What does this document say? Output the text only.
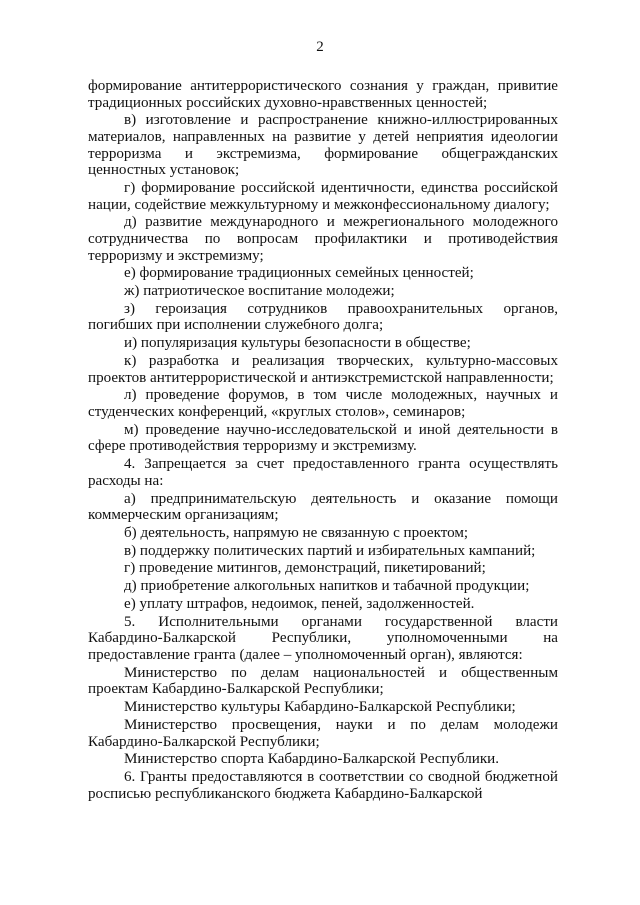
2

формирование антитеррористического сознания у граждан, привитие традиционных российских духовно-нравственных ценностей;

в) изготовление и распространение книжно-иллюстрированных материалов, направленных на развитие у детей неприятия идеологии терроризма и экстремизма, формирование общегражданских ценностных установок;

г) формирование российской идентичности, единства российской нации, содействие межкультурному и межконфессиональному диалогу;

д) развитие международного и межрегионального молодежного сотрудничества по вопросам профилактики и противодействия терроризму и экстремизму;

е) формирование традиционных семейных ценностей;

ж) патриотическое воспитание молодежи;

з) героизация сотрудников правоохранительных органов, погибших при исполнении служебного долга;

и) популяризация культуры безопасности в обществе;

к) разработка и реализация творческих, культурно-массовых проектов антитеррористической и антиэкстремистской направленности;

л) проведение форумов, в том числе молодежных, научных и студенческих конференций, «круглых столов», семинаров;

м) проведение научно-исследовательской и иной деятельности в сфере противодействия терроризму и экстремизму.

4. Запрещается за счет предоставленного гранта осуществлять расходы на:

а) предпринимательскую деятельность и оказание помощи коммерческим организациям;

б) деятельность, напрямую не связанную с проектом;

в) поддержку политических партий и избирательных кампаний;

г) проведение митингов, демонстраций, пикетирований;

д) приобретение алкогольных напитков и табачной продукции;

е) уплату штрафов, недоимок, пеней, задолженностей.

5. Исполнительными органами государственной власти Кабардино-Балкарской Республики, уполномоченными на предоставление гранта (далее – уполномоченный орган), являются:

Министерство по делам национальностей и общественным проектам Кабардино-Балкарской Республики;

Министерство культуры Кабардино-Балкарской Республики;

Министерство просвещения, науки и по делам молодежи Кабардино-Балкарской Республики;

Министерство спорта Кабардино-Балкарской Республики.

6. Гранты предоставляются в соответствии со сводной бюджетной росписью республиканского бюджета Кабардино-Балкарской
